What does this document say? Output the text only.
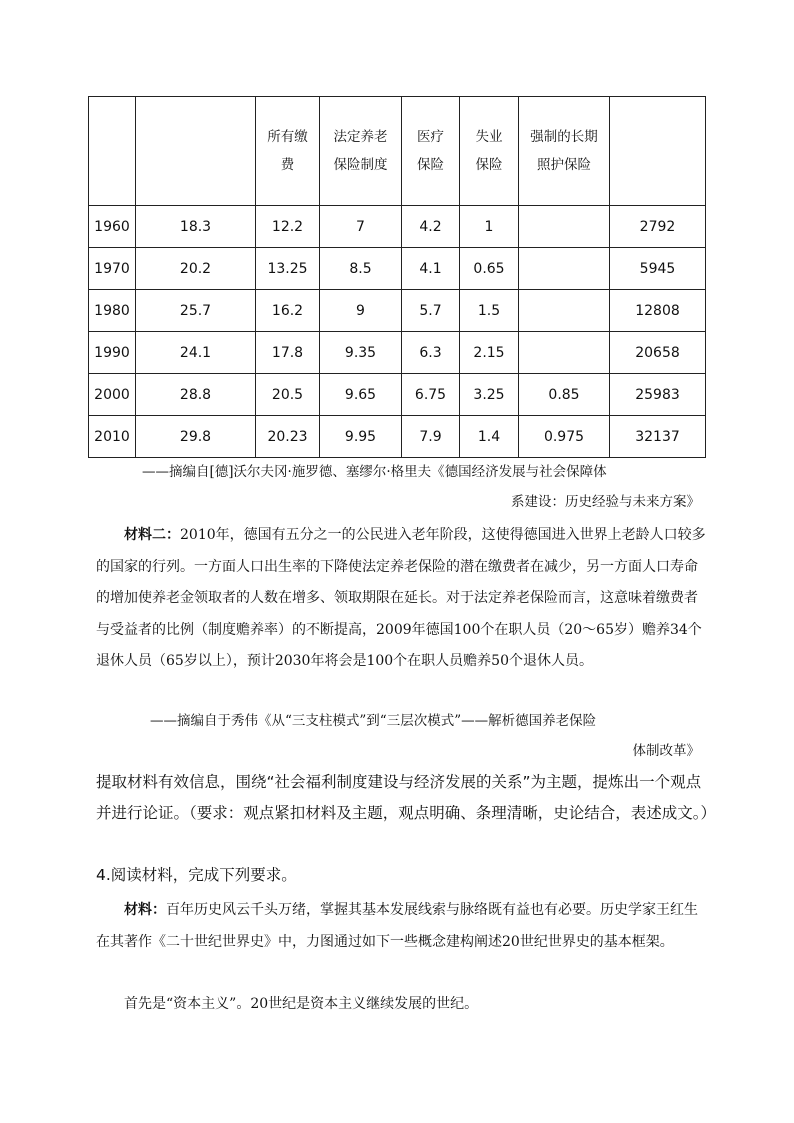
		所有缴费	法定养老保险制度	医疗保险	失业保险	强制的长期照护保险	

1960	18.3	12.2	7	4.2	1		2792
1970	20.2	13.25	8.5	4.1	0.65		5945
1980	25.7	16.2	9	5.7	1.5		12808
1990	24.1	17.8	9.35	6.3	2.15		20658
2000	28.8	20.5	9.65	6.75	3.25	0.85	25983
2010	29.8	20.23	9.95	7.9	1.4	0.975	32137
——摘编自[德]沃尔夫冈·施罗德、塞缪尔·格里夫《德国经济发展与社会保障体
系建设：历史经验与未来方案》
材料二：2010年，德国有五分之一的公民进入老年阶段，这使得德国进入世界上老龄人口较多的国家的行列。一方面人口出生率的下降使法定养老保险的潜在缴费者在减少，另一方面人口寿命的增加使养老金领取者的人数在增多、领取期限在延长。对于法定养老保险而言，这意味着缴费者与受益者的比例（制度赡养率）的不断提高，2009年德国100个在职人员（20～65岁）赡养34个退休人员（65岁以上），预计2030年将会是100个在职人员赡养50个退休人员。
——摘编自于秀伟《从“三支柱模式”到“三层次模式”——解析德国养老保险
体制改革》
提取材料有效信息，围绕“社会福利制度建设与经济发展的关系”为主题，提炼出一个观点并进行论证。（要求：观点紧扣材料及主题，观点明确、条理清晰，史论结合，表述成文。）
4.阅读材料，完成下列要求。
材料：百年历史风云千头万绪，掌握其基本发展线索与脉络既有益也有必要。历史学家王红生在其著作《二十世纪世界史》中，力图通过如下一些概念建构阐述20世纪世界史的基本框架。
首先是“资本主义”。20世纪是资本主义继续发展的世纪。
